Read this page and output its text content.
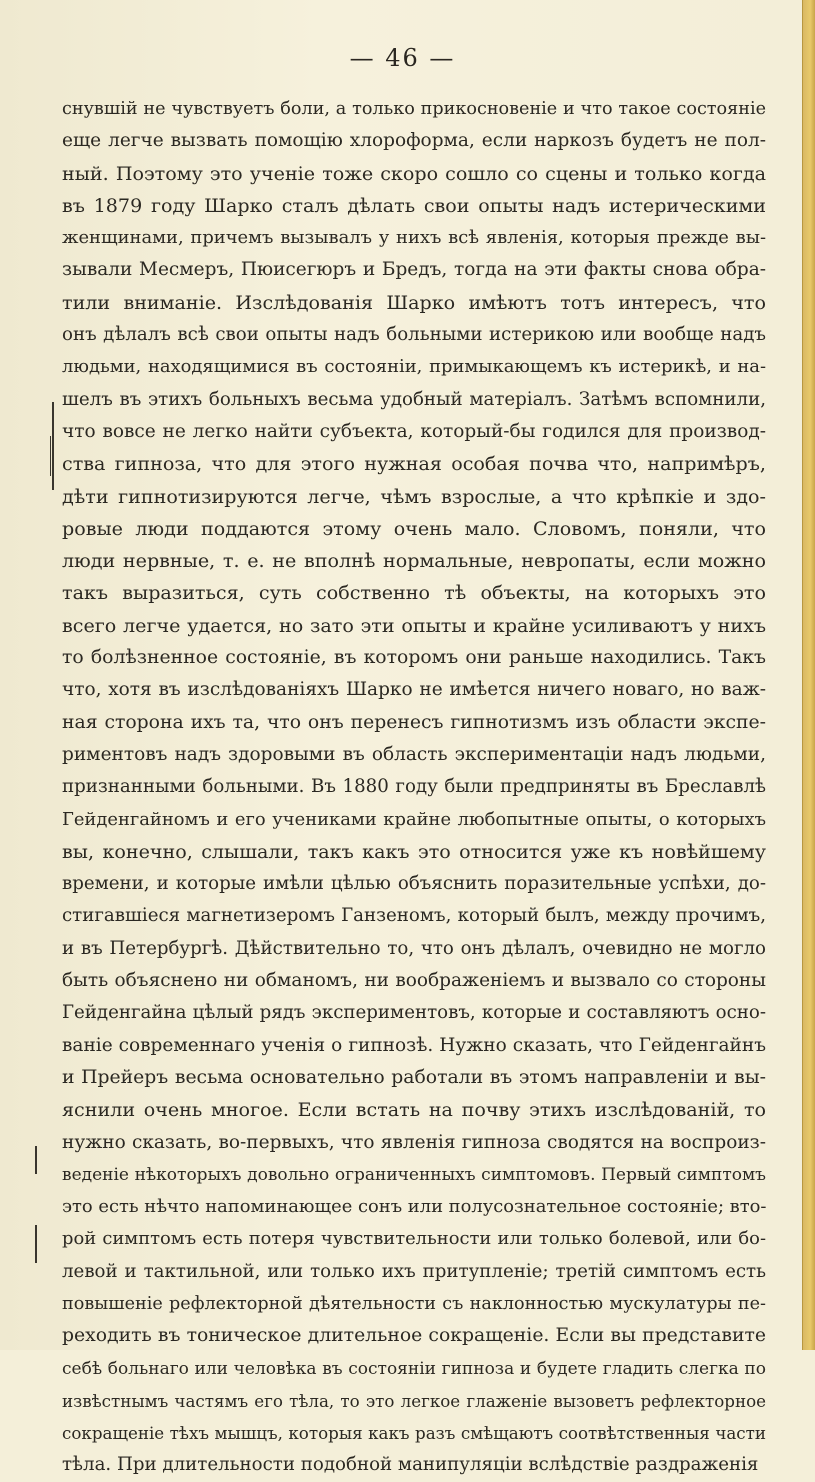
— 46 —
снувшій не чувствуетъ боли, а только прикосновеніе и что такое состояніе
еще легче вызвать помощію хлороформа, если наркозъ будетъ не пол-
ный. Поэтому это ученіе тоже скоро сошло со сцены и только когда
въ 1879 году Шарко сталъ дѣлать свои опыты надъ истерическими
женщинами, причемъ вызывалъ у нихъ всѣ явленія, которыя прежде вы-
зывали Месмеръ, Пюисегюръ и Бредъ, тогда на эти факты снова обра-
тили вниманіе. Изслѣдованія Шарко имѣютъ тотъ интересъ, что
онъ дѣлалъ всѣ свои опыты надъ больными истерикою или вообще надъ
людьми, находящимися въ состояніи, примыкающемъ къ истерикѣ, и на-
шелъ въ этихъ больныхъ весьма удобный матеріалъ. Затѣмъ вспомнили,
что вовсе не легко найти субъекта, который-бы годился для производ-
ства гипноза, что для этого нужная особая почва что, напримѣръ,
дѣти гипнотизируются легче, чѣмъ взрослые, а что крѣпкіе и здо-
ровые люди поддаются этому очень мало. Словомъ, поняли, что
люди нервные, т. е. не вполнѣ нормальные, невропаты, если можно
такъ выразиться, суть собственно тѣ объекты, на которыхъ это
всего легче удается, но зато эти опыты и крайне усиливаютъ у нихъ
то болѣзненное состояніе, въ которомъ они раньше находились. Такъ
что, хотя въ изслѣдованіяхъ Шарко не имѣется ничего новаго, но важ-
ная сторона ихъ та, что онъ перенесъ гипнотизмъ изъ области экспе-
риментовъ надъ здоровыми въ область экспериментаціи надъ людьми,
признанными больными. Въ 1880 году были предприняты въ Бреславлѣ
Гейденгайномъ и его учениками крайне любопытные опыты, о которыхъ
вы, конечно, слышали, такъ какъ это относится уже къ новѣйшему
времени, и которые имѣли цѣлью объяснить поразительные успѣхи, до-
стигавшіеся магнетизеромъ Ганзеномъ, который былъ, между прочимъ,
и въ Петербургѣ. Дѣйствительно то, что онъ дѣлалъ, очевидно не могло
быть объяснено ни обманомъ, ни воображеніемъ и вызвало со стороны
Гейденгайна цѣлый рядъ экспериментовъ, которые и составляютъ осно-
ваніе современнаго ученія о гипнозѣ. Нужно сказать, что Гейденгайнъ
и Прейеръ весьма основательно работали въ этомъ направленіи и вы-
яснили очень многое. Если встать на почву этихъ изслѣдованій, то
нужно сказать, во-первыхъ, что явленія гипноза сводятся на воспроиз-
веденіе нѣкоторыхъ довольно ограниченныхъ симптомовъ. Первый симптомъ
это есть нѣчто напоминающее сонъ или полусознательное состояніе; вто-
рой симптомъ есть потеря чувствительности или только болевой, или бо-
левой и тактильной, или только ихъ притупленіе; третій симптомъ есть
повышеніе рефлекторной дѣятельности съ наклонностью мускулатуры пе-
реходить въ тоническое длительное сокращеніе. Если вы представите
себѣ больнаго или человѣка въ состояніи гипноза и будете гладить слегка по
извѣстнымъ частямъ его тѣла, то это легкое глаженіе вызоветъ рефлекторное
сокращеніе тѣхъ мышцъ, которыя какъ разъ смѣщаютъ соотвѣтственныя части
тѣла. При длительности подобной манипуляціи вслѣдствіе раздраженія
